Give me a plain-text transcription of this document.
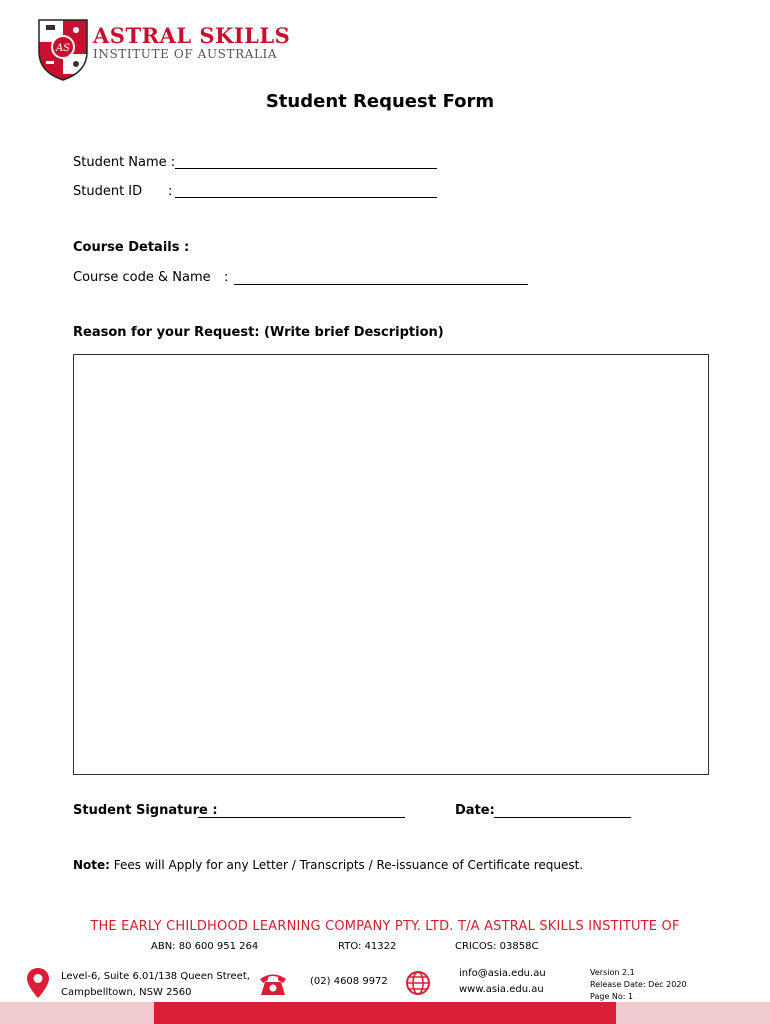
AS
ASTRAL SKILLS
INSTITUTE OF AUSTRALIA
Student Request Form
Student Name :
Student ID :
Course Details :
Course code & Name :
Reason for your Request: (Write brief Description)
Student Signature :	Date:
Note: Fees will Apply for any Letter / Transcripts / Re-issuance of Certificate request.
THE EARLY CHILDHOOD LEARNING COMPANY PTY. LTD. T/A ASTRAL SKILLS INSTITUTE OF
ABN: 80 600 951 264	RTO: 41322	CRICOS: 03858C
Level-6, Suite 6.01/138 Queen Street,
Campbelltown, NSW 2560
(02) 4608 9972
info@asia.edu.au
www.asia.edu.au
Version 2.1
Release Date: Dec 2020
Page No: 1
